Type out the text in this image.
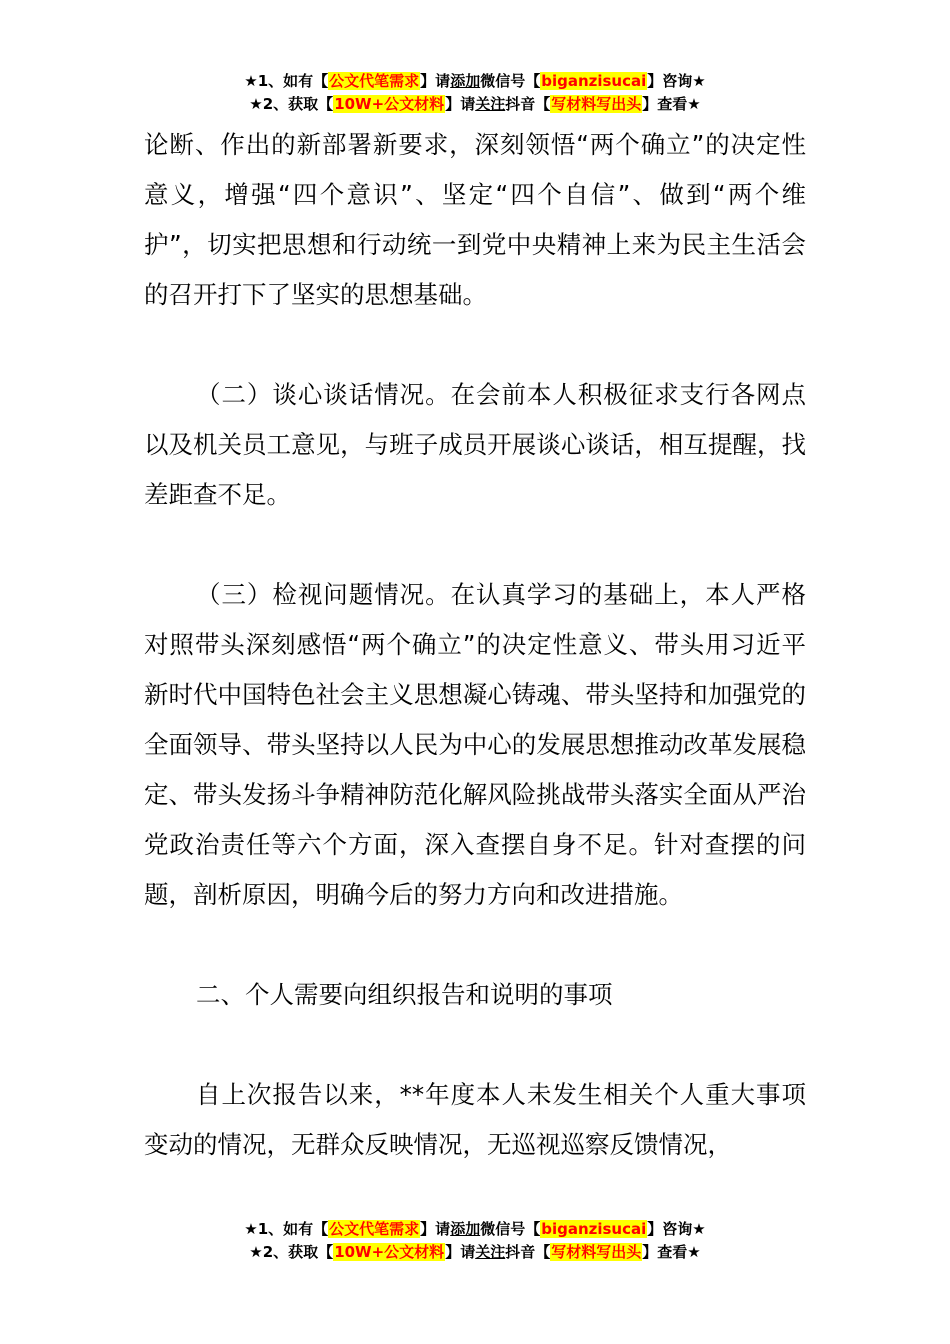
★1、如有【公文代笔需求】请添加微信号【biganzisucai】咨询★
★2、获取【10W+公文材料】请关注抖音【写材料写出头】查看★

论断、作出的新部署新要求，深刻领悟“两个确立”的决定性意义，增强“四个意识”、坚定“四个自信”、做到“两个维护”，切实把思想和行动统一到党中央精神上来为民主生活会的召开打下了坚实的思想基础。

（二）谈心谈话情况。在会前本人积极征求支行各网点以及机关员工意见，与班子成员开展谈心谈话，相互提醒，找差距查不足。

（三）检视问题情况。在认真学习的基础上，本人严格对照带头深刻感悟“两个确立”的决定性意义、带头用习近平新时代中国特色社会主义思想凝心铸魂、带头坚持和加强党的全面领导、带头坚持以人民为中心的发展思想推动改革发展稳定、带头发扬斗争精神防范化解风险挑战带头落实全面从严治党政治责任等六个方面，深入查摆自身不足。针对查摆的问题，剖析原因，明确今后的努力方向和改进措施。

二、个人需要向组织报告和说明的事项

自上次报告以来，**年度本人未发生相关个人重大事项变动的情况，无群众反映情况，无巡视巡察反馈情况，

★1、如有【公文代笔需求】请添加微信号【biganzisucai】咨询★
★2、获取【10W+公文材料】请关注抖音【写材料写出头】查看★
